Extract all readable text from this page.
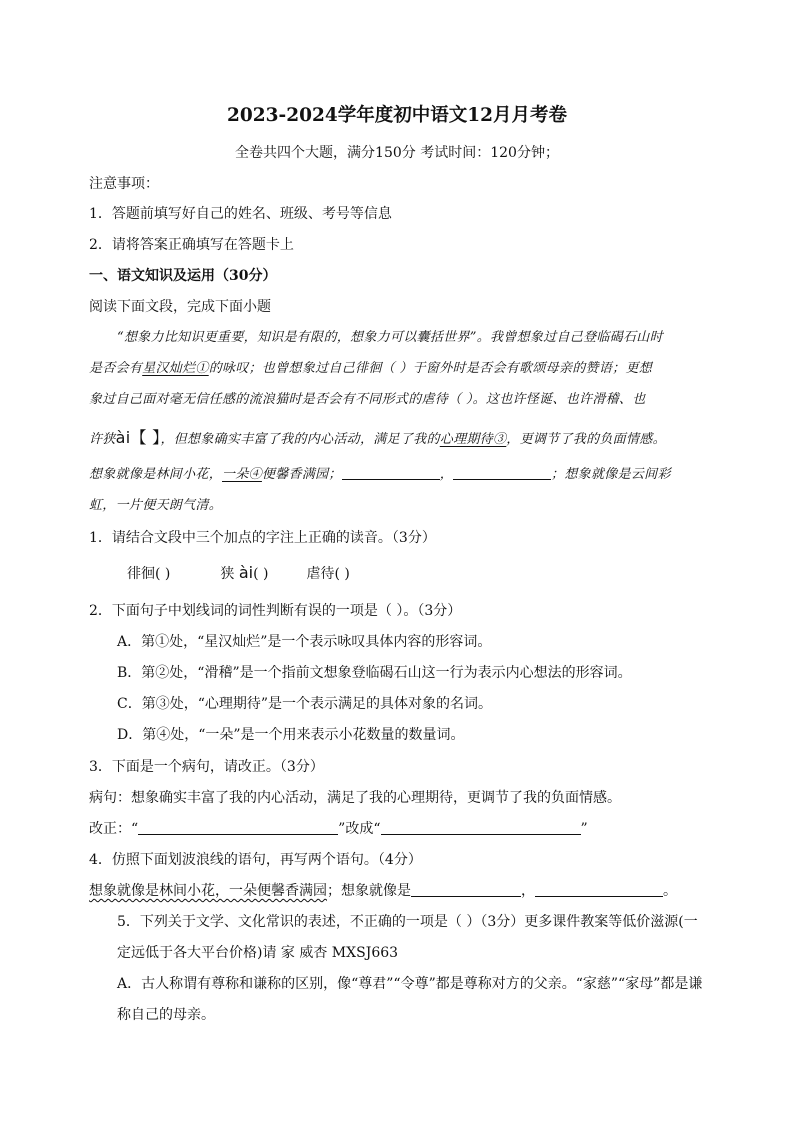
2023-2024学年度初中语文12月月考卷
全卷共四个大题，满分150分 考试时间：120分钟；
注意事项：
1．答题前填写好自己的姓名、班级、考号等信息
2．请将答案正确填写在答题卡上
一、语文知识及运用（30分）
阅读下面文段，完成下面小题
“想象力比知识更重要，知识是有限的，想象力可以囊括世界”。我曾想象过自己登临碣石山时
是否会有星汉灿烂①的咏叹；也曾想象过自己徘徊（ ）于窗外时是否会有歌颂母亲的赞语；更想
象过自己面对毫无信任感的流浪猫时是否会有不同形式的虐待（ ）。这也许怪诞、也许滑稽、也
许狭ài【 】，但想象确实丰富了我的内心活动，满足了我的心理期待③，更调节了我的负面情感。
想象就像是林间小花，一朵④便馨香满园；	，	；想象就像是云间彩
虹，一片便天朗气清。
1．请结合文段中三个加点的字注上正确的读音。（3分）
徘徊( )	狭 ài( )	虐待( )
2．下面句子中划线词的词性判断有误的一项是（ ）。（3分）
A．第①处，“星汉灿烂”是一个表示咏叹具体内容的形容词。
B．第②处，“滑稽”是一个指前文想象登临碣石山这一行为表示内心想法的形容词。
C．第③处，“心理期待”是一个表示满足的具体对象的名词。
D．第④处，“一朵”是一个用来表示小花数量的数量词。
3．下面是一个病句，请改正。（3分）
病句：想象确实丰富了我的内心活动，满足了我的心理期待，更调节了我的负面情感。
改正：“	”改成“	”
4．仿照下面划波浪线的语句，再写两个语句。（4分）
想象就像是林间小花，一朵便馨香满园；想象就像是	，	。
5．下列关于文学、文化常识的表述，不正确的一项是（ ）（3分）更多课件教案等低价滋源(一
定远低于各大平台价格)请 家 威杏 MXSJ663
A．古人称谓有尊称和谦称的区别，像“尊君”“令尊”都是尊称对方的父亲。“家慈”“家母”都是谦
称自己的母亲。
